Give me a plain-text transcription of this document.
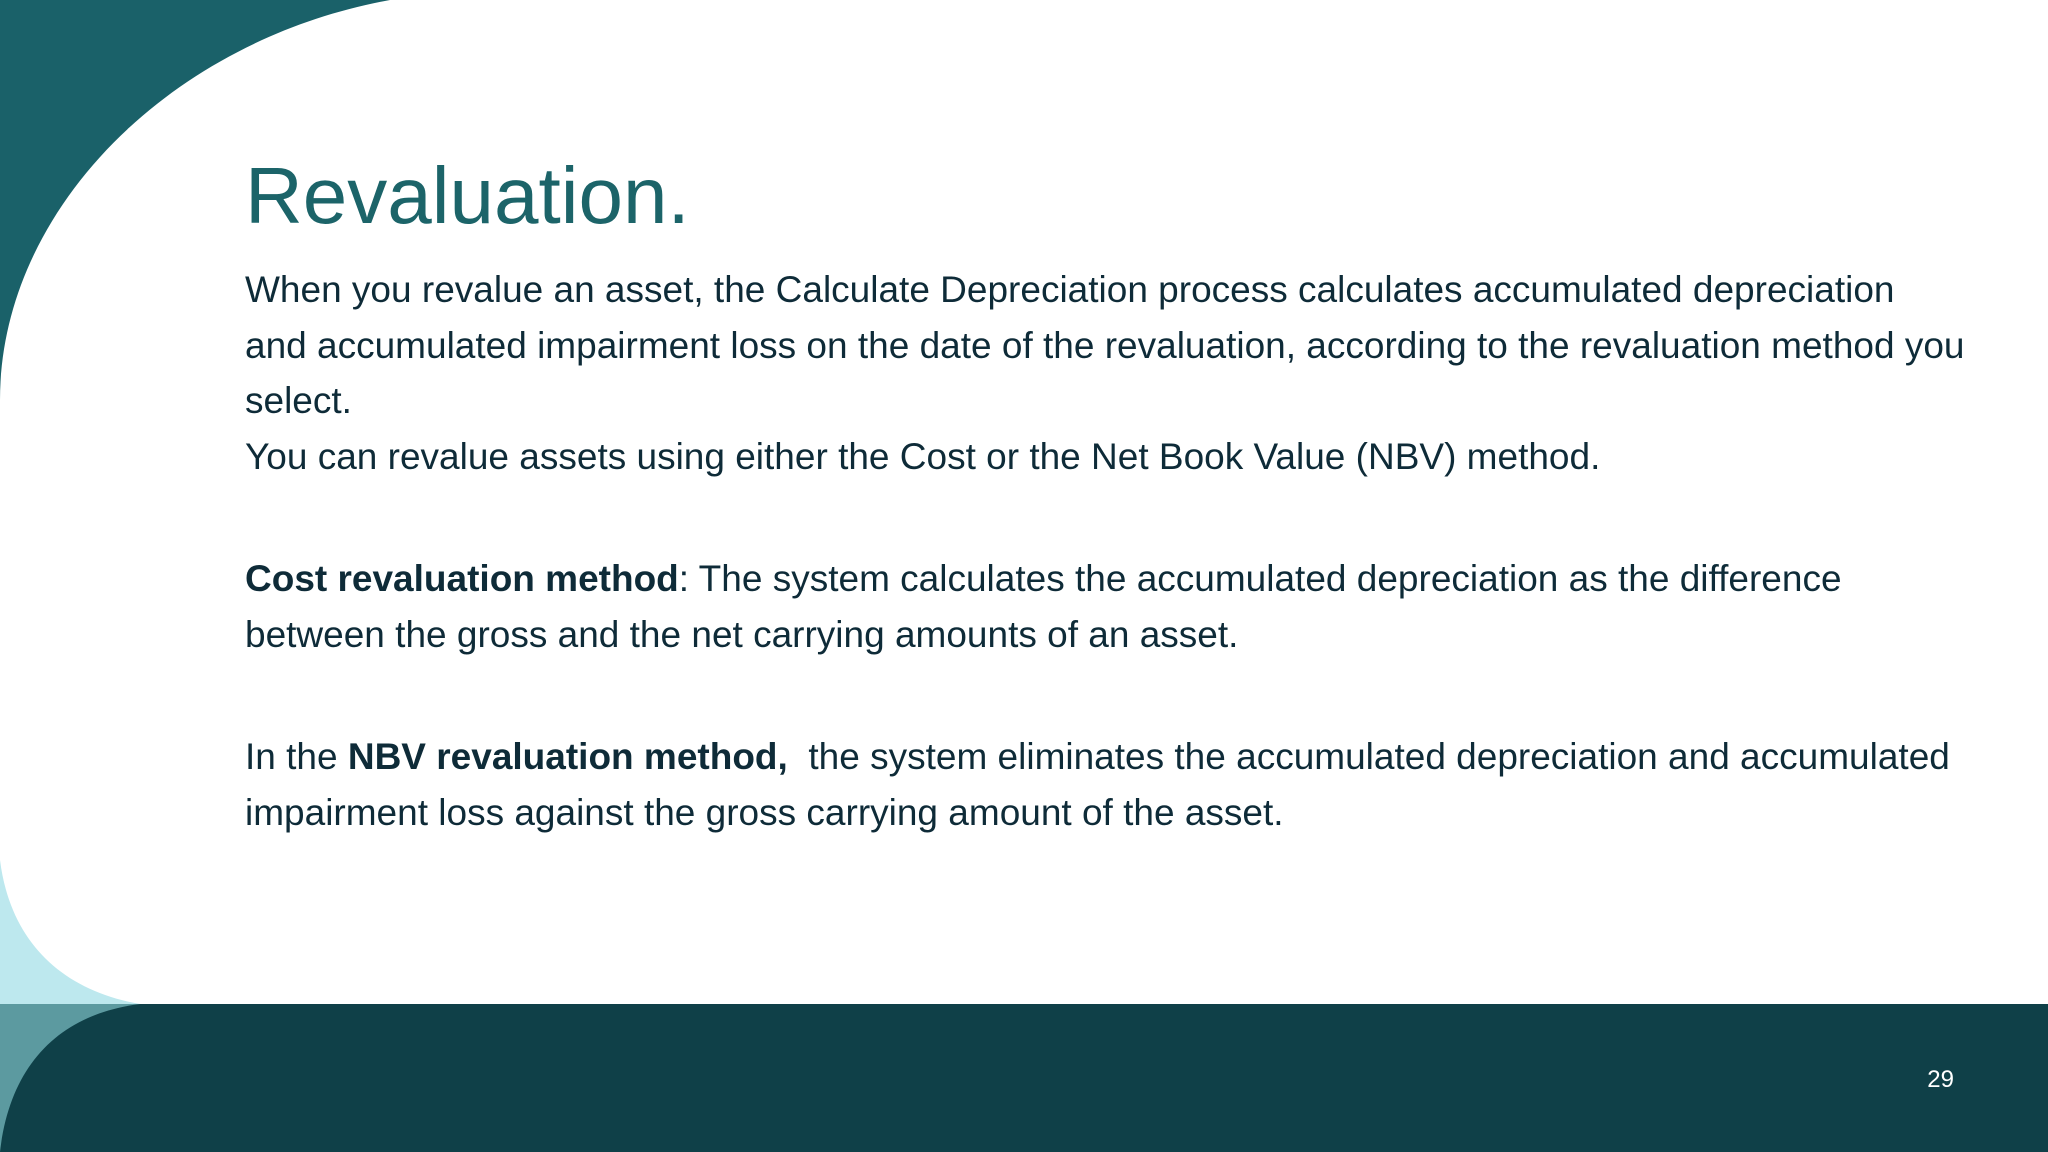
Revaluation.

When you revalue an asset, the Calculate Depreciation process calculates accumulated depreciation and accumulated impairment loss on the date of the revaluation, according to the revaluation method you select.

You can revalue assets using either the Cost or the Net Book Value (NBV) method.

Cost revaluation method: The system calculates the accumulated depreciation as the difference between the gross and the net carrying amounts of an asset.

In the NBV revaluation method,  the system eliminates the accumulated depreciation and accumulated impairment loss against the gross carrying amount of the asset.

29
